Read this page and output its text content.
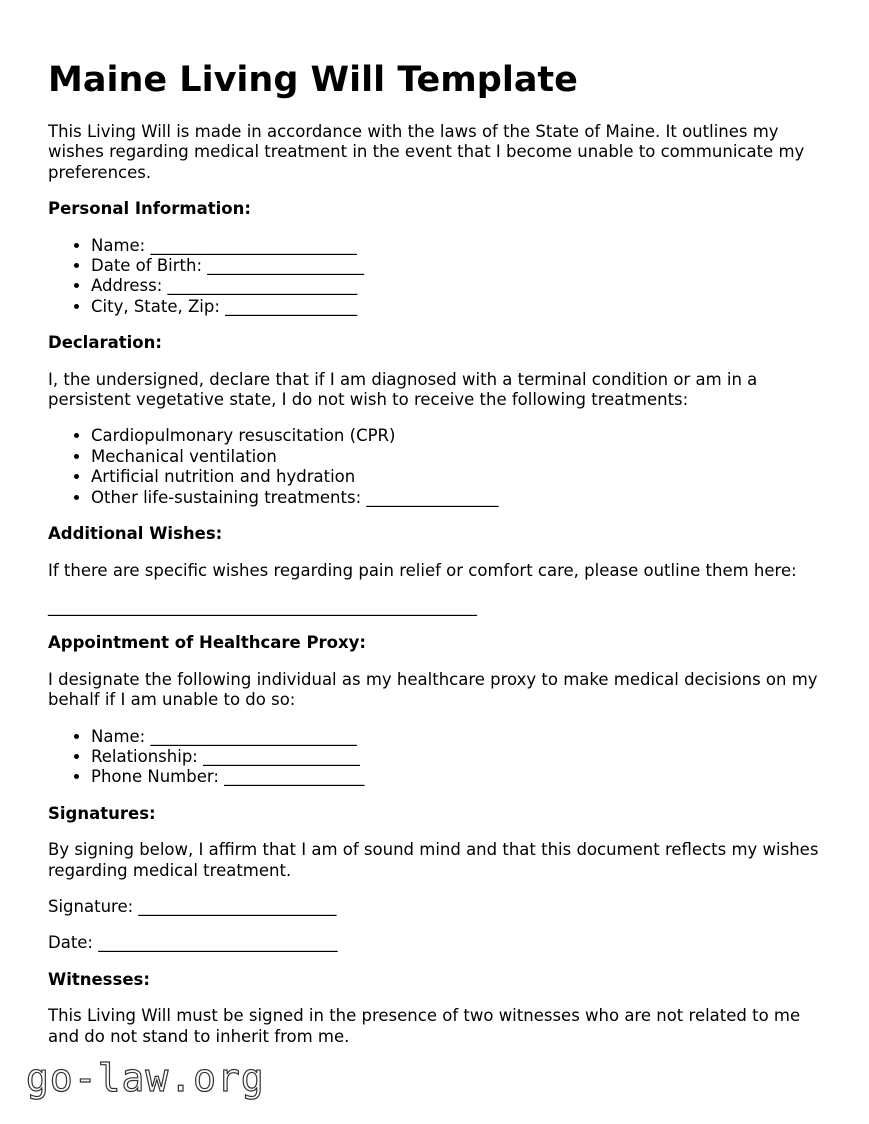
Maine Living Will Template

This Living Will is made in accordance with the laws of the State of Maine. It outlines my wishes regarding medical treatment in the event that I become unable to communicate my preferences.

Personal Information:
• Name: _________________________
• Date of Birth: ___________________
• Address: _______________________
• City, State, Zip: ________________
Declaration:

I, the undersigned, declare that if I am diagnosed with a terminal condition or am in a persistent vegetative state, I do not wish to receive the following treatments:

• Cardiopulmonary resuscitation (CPR)
• Mechanical ventilation
• Artificial nutrition and hydration
• Other life-sustaining treatments: ________________
Additional Wishes:

If there are specific wishes regarding pain relief or comfort care, please outline them here:

____________________________________________________

Appointment of Healthcare Proxy:

I designate the following individual as my healthcare proxy to make medical decisions on my behalf if I am unable to do so:

• Name: _________________________
• Relationship: ___________________
• Phone Number: _________________
Signatures:

By signing below, I affirm that I am of sound mind and that this document reflects my wishes regarding medical treatment.

Signature: ________________________

Date: _____________________________

Witnesses:

This Living Will must be signed in the presence of two witnesses who are not related to me and do not stand to inherit from me.

go-law.org
